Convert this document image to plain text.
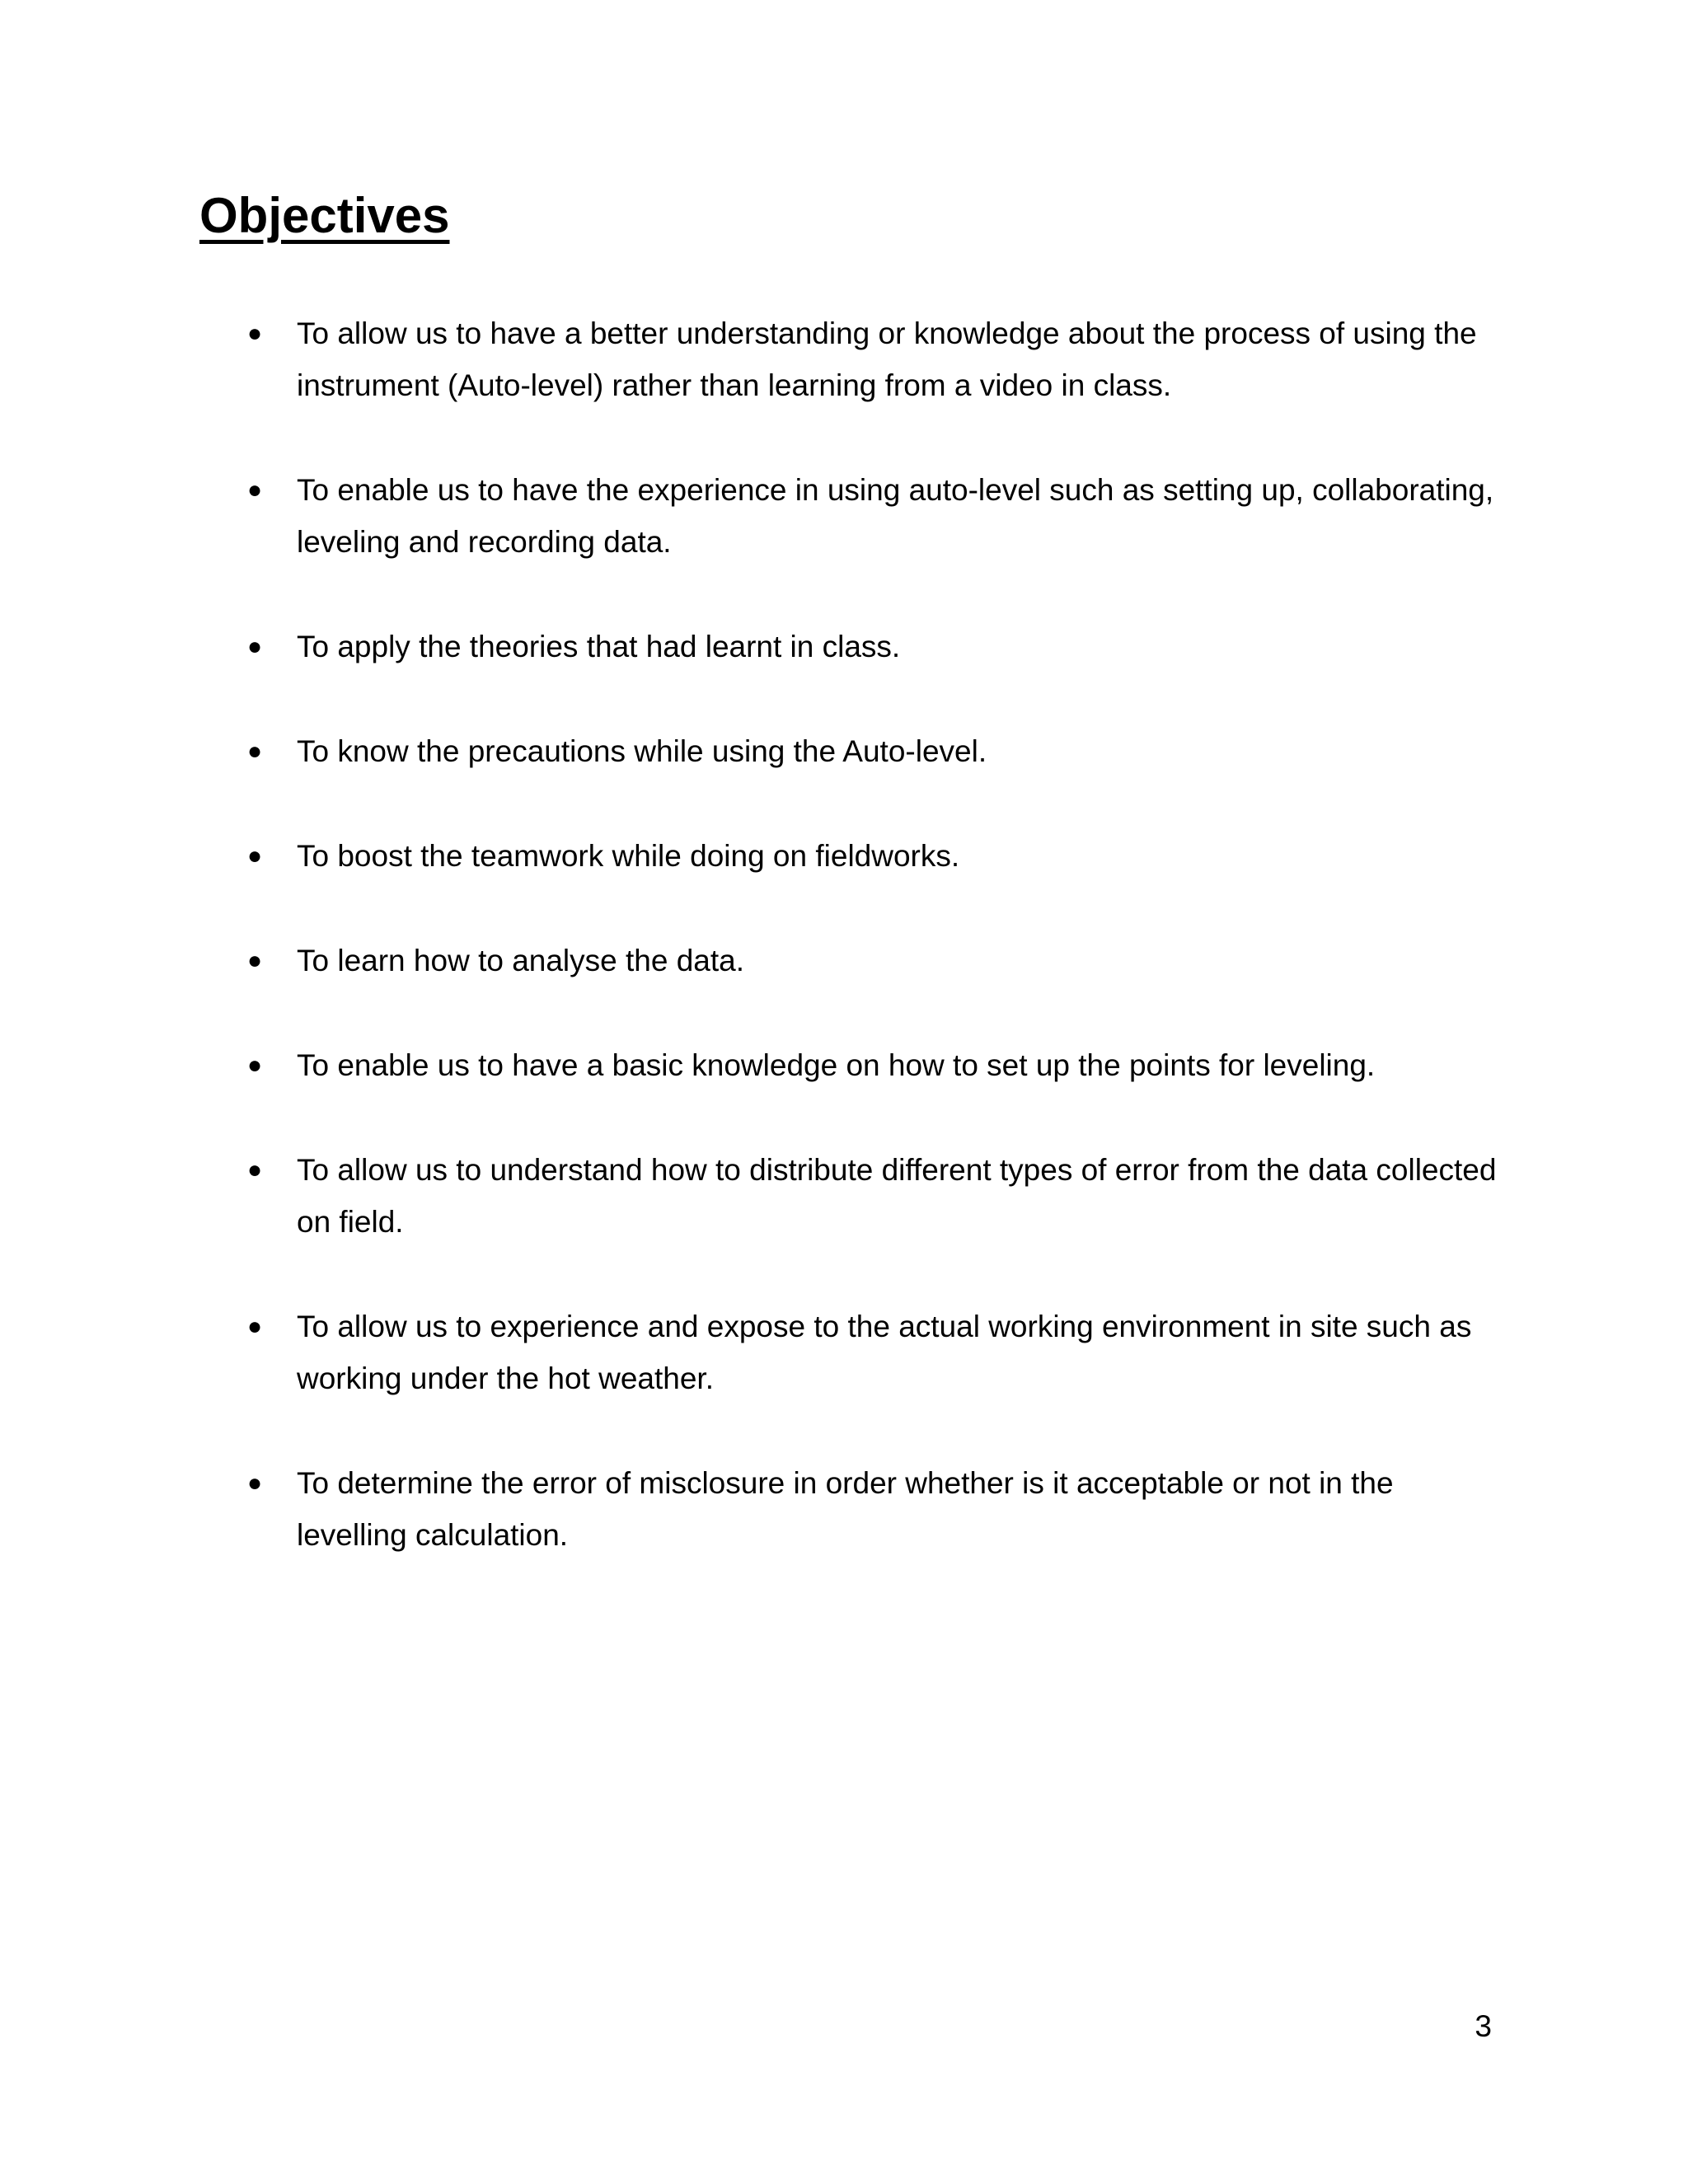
Objectives
●	To allow us to have a better understanding or knowledge about the process of using the instrument (Auto-level) rather than learning from a video in class.
●	To enable us to have the experience in using auto-level such as setting up, collaborating, leveling and recording data.
●	To apply the theories that had learnt in class.
●	To know the precautions while using the Auto-level.
●	To boost the teamwork while doing on fieldworks.
●	To learn how to analyse the data.
●	To enable us to have a basic knowledge on how to set up the points for leveling.
●	To allow us to understand how to distribute different types of error from the data collected on field.
●	To allow us to experience and expose to the actual working environment in site such as working under the hot weather.
●	To determine the error of misclosure in order whether is it acceptable or not in the levelling calculation.
3
